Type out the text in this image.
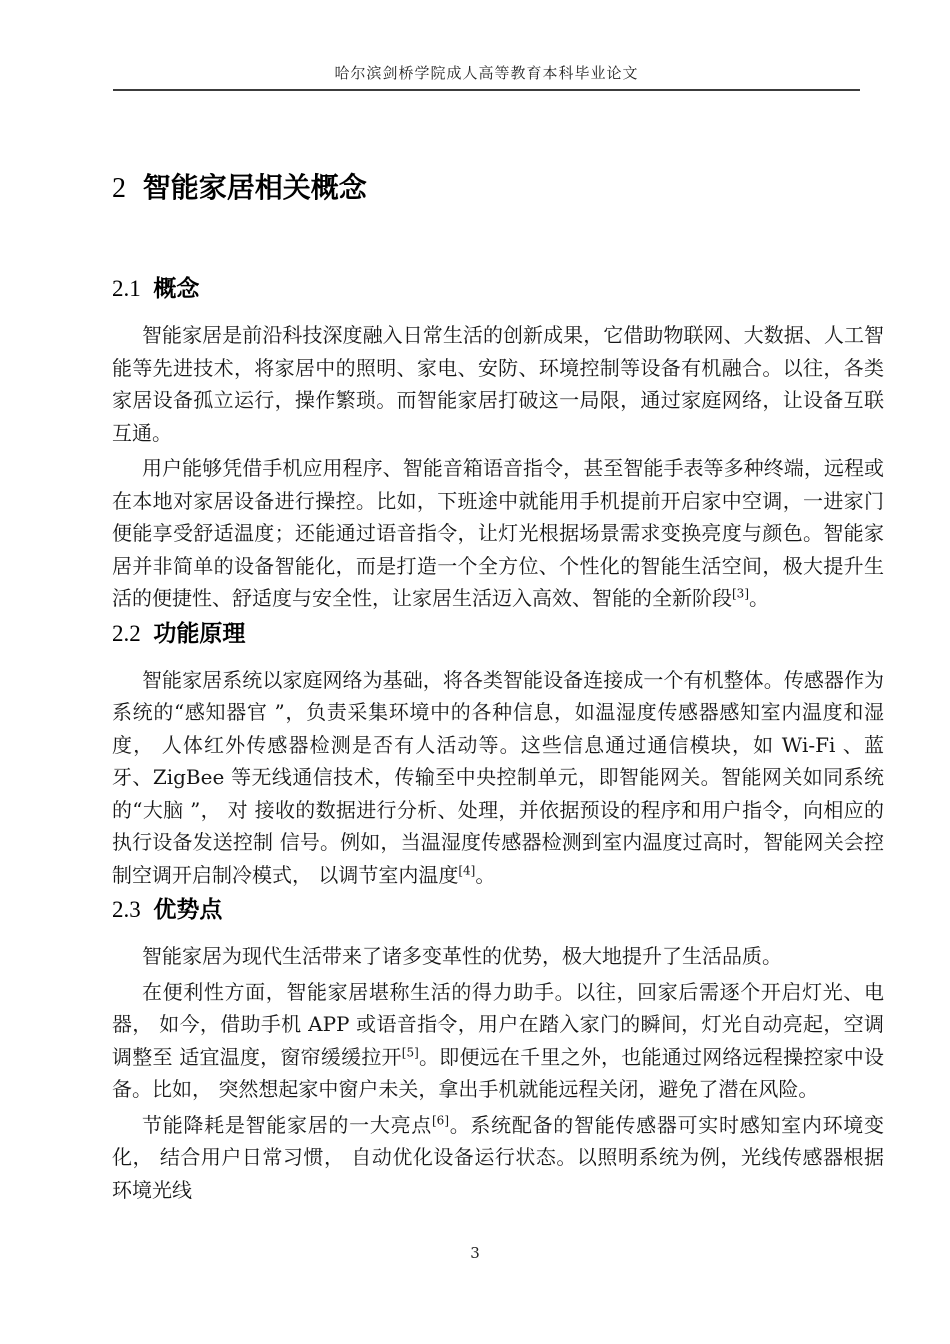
哈尔滨剑桥学院成人高等教育本科毕业论文
2 智能家居相关概念
2.1 概念

智能家居是前沿科技深度融入日常生活的创新成果，它借助物联网、大数据、人工智能等先进技术，将家居中的照明、家电、安防、环境控制等设备有机融合。以往，各类家居设备孤立运行，操作繁琐。而智能家居打破这一局限，通过家庭网络，让设备互联互通。

用户能够凭借手机应用程序、智能音箱语音指令，甚至智能手表等多种终端，远程或在本地对家居设备进行操控。比如，下班途中就能用手机提前开启家中空调，一进家门便能享受舒适温度；还能通过语音指令，让灯光根据场景需求变换亮度与颜色。智能家居并非简单的设备智能化，而是打造一个全方位、个性化的智能生活空间，极大提升生活的便捷性、舒适度与安全性，让家居生活迈入高效、智能的全新阶段[3]。

2.2 功能原理

智能家居系统以家庭网络为基础，将各类智能设备连接成一个有机整体。传感器作为系统的“感知器官 ”，负责采集环境中的各种信息，如温湿度传感器感知室内温度和湿度， 人体红外传感器检测是否有人活动等。这些信息通过通信模块，如 Wi-Fi 、蓝牙、ZigBee 等无线通信技术，传输至中央控制单元，即智能网关。智能网关如同系统的“大脑 ”， 对 接收的数据进行分析、处理，并依据预设的程序和用户指令，向相应的执行设备发送控制 信号。例如，当温湿度传感器检测到室内温度过高时，智能网关会控制空调开启制冷模式， 以调节室内温度[4]。

2.3 优势点

智能家居为现代生活带来了诸多变革性的优势，极大地提升了生活品质。

在便利性方面，智能家居堪称生活的得力助手。以往，回家后需逐个开启灯光、电器， 如今，借助手机 APP 或语音指令，用户在踏入家门的瞬间，灯光自动亮起，空调调整至 适宜温度，窗帘缓缓拉开[5]。即便远在千里之外，也能通过网络远程操控家中设备。比如， 突然想起家中窗户未关，拿出手机就能远程关闭，避免了潜在风险。

节能降耗是智能家居的一大亮点[6]。系统配备的智能传感器可实时感知室内环境变化， 结合用户日常习惯， 自动优化设备运行状态。以照明系统为例，光线传感器根据环境光线

3
